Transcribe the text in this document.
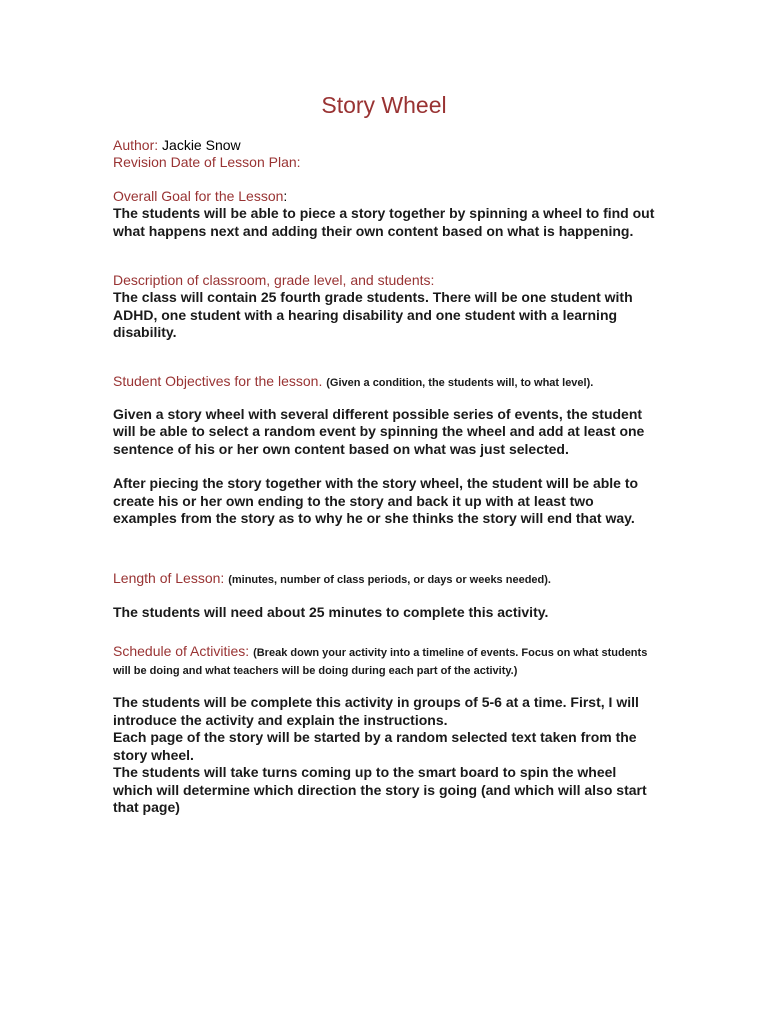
Story Wheel
Author: Jackie Snow
Revision Date of Lesson Plan:
Overall Goal for the Lesson:
The students will be able to piece a story together by spinning a wheel to find out what happens next and adding their own content based on what is happening.
Description of classroom, grade level, and students:
The class will contain 25 fourth grade students. There will be one student with ADHD, one student with a hearing disability and one student with a learning disability.
Student Objectives for the lesson. (Given a condition, the students will, to what level).
Given a story wheel with several different possible series of events, the student will be able to select a random event by spinning the wheel and add at least one sentence of his or her own content based on what was just selected.
After piecing the story together with the story wheel, the student will be able to create his or her own ending to the story and back it up with at least two examples from the story as to why he or she thinks the story will end that way.
Length of Lesson: (minutes, number of class periods, or days or weeks needed).
The students will need about 25 minutes to complete this activity.
Schedule of Activities: (Break down your activity into a timeline of events. Focus on what students will be doing and what teachers will be doing during each part of the activity.)
The students will be complete this activity in groups of 5-6 at a time. First, I will introduce the activity and explain the instructions.
Each page of the story will be started by a random selected text taken from the story wheel.
The students will take turns coming up to the smart board to spin the wheel which will determine which direction the story is going (and which will also start that page)
